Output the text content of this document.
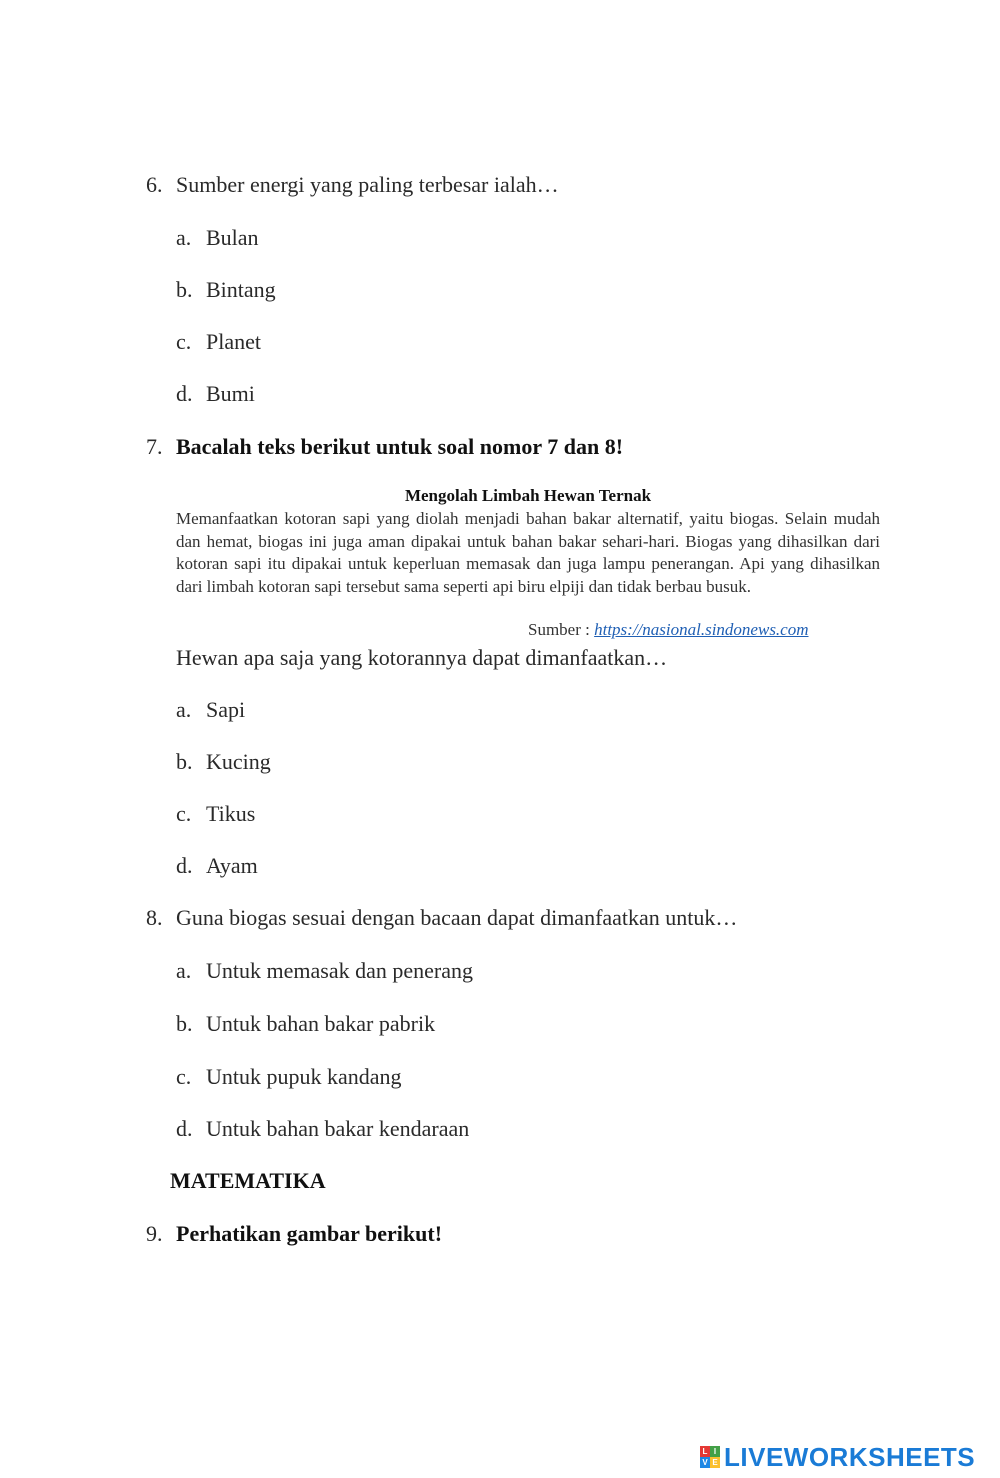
6. Sumber energi yang paling terbesar ialah…
a. Bulan
b. Bintang
c. Planet
d. Bumi
7. Bacalah teks berikut untuk soal nomor 7 dan 8!
Mengolah Limbah Hewan Ternak
Memanfaatkan kotoran sapi yang diolah menjadi bahan bakar alternatif, yaitu biogas. Selain mudah dan hemat, biogas ini juga aman dipakai untuk bahan bakar sehari-hari. Biogas yang dihasilkan dari kotoran sapi itu dipakai untuk keperluan memasak dan juga lampu penerangan. Api yang dihasilkan dari limbah kotoran sapi tersebut sama seperti api biru elpiji dan tidak berbau busuk.
Sumber : https://nasional.sindonews.com
Hewan apa saja yang kotorannya dapat dimanfaatkan…
a. Sapi
b. Kucing
c. Tikus
d. Ayam
8. Guna biogas sesuai dengan bacaan dapat dimanfaatkan untuk…
a. Untuk memasak dan penerang
b. Untuk bahan bakar pabrik
c. Untuk pupuk kandang
d. Untuk bahan bakar kendaraan
MATEMATIKA
9. Perhatikan gambar berikut!
L I
V E LIVEWORKSHEETS
